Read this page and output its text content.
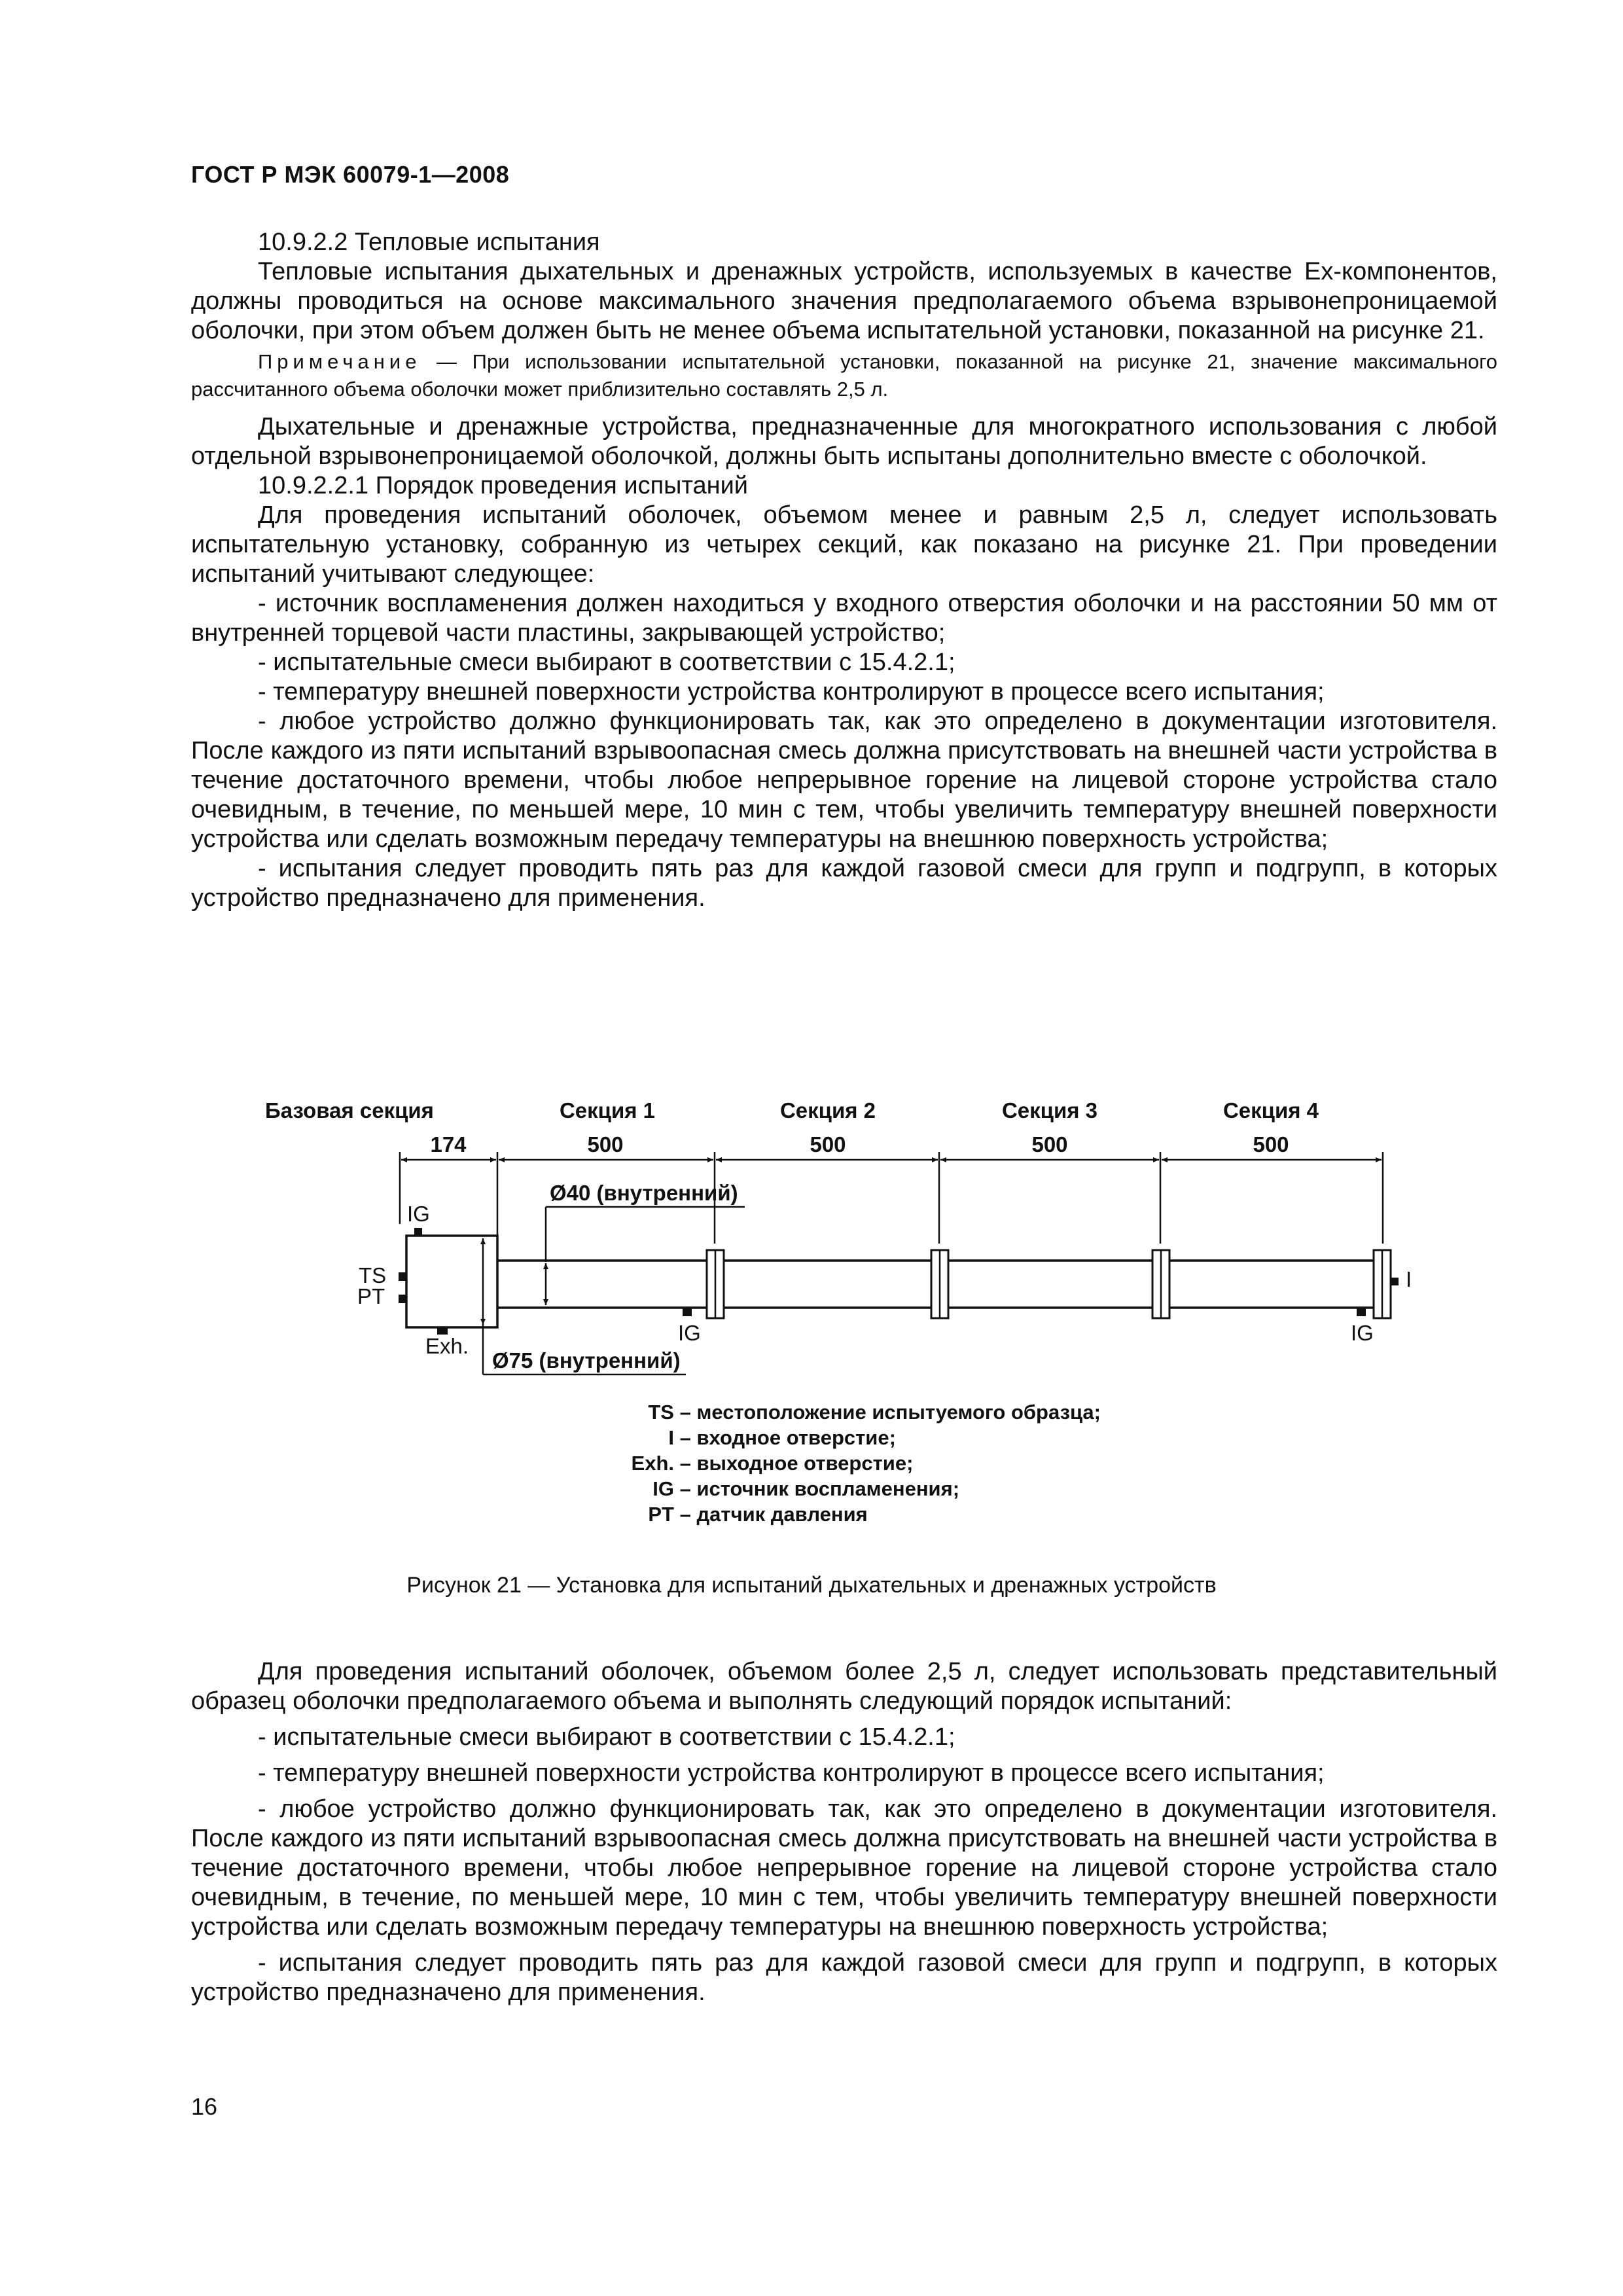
ГОСТ Р МЭК 60079-1—2008

10.9.2.2 Тепловые испытания

Тепловые испытания дыхательных и дренажных устройств, используемых в качестве Ex-компонентов, должны проводиться на основе максимального значения предполагаемого объема взрывонепроницаемой оболочки, при этом объем должен быть не менее объема испытательной установки, показанной на рисунке 21.

Примечание — При использовании испытательной установки, показанной на рисунке 21, значение максимального рассчитанного объема оболочки может приблизительно составлять 2,5 л.

Дыхательные и дренажные устройства, предназначенные для многократного использования с любой отдельной взрывонепроницаемой оболочкой, должны быть испытаны дополнительно вместе с оболочкой.

10.9.2.2.1 Порядок проведения испытаний

Для проведения испытаний оболочек, объемом менее и равным 2,5 л, следует использовать испытательную установку, собранную из четырех секций, как показано на рисунке 21. При проведении испытаний учитывают следующее:

- источник воспламенения должен находиться у входного отверстия оболочки и на расстоянии 50 мм от внутренней торцевой части пластины, закрывающей устройство;

- испытательные смеси выбирают в соответствии с 15.4.2.1;

- температуру внешней поверхности устройства контролируют в процессе всего испытания;

- любое устройство должно функционировать так, как это определено в документации изготовителя. После каждого из пяти испытаний взрывоопасная смесь должна присутствовать на внешней части устройства в течение достаточного времени, чтобы любое непрерывное горение на лицевой стороне устройства стало очевидным, в течение, по меньшей мере, 10 мин с тем, чтобы увеличить температуру внешней поверхности устройства или сделать возможным передачу температуры на внешнюю поверхность устройства;

- испытания следует проводить пять раз для каждой газовой смеси для групп и подгрупп, в которых устройство предназначено для применения.

Базовая секция	Секция 1	Секция 2	Секция 3	Секция 4
174	500	500	500	500
Ø40 (внутренний)
IG
TS
PT
Exh.
IG	IG
I
Ø75 (внутренний)
TS – местоположение испытуемого образца;
I – входное отверстие;
Exh. – выходное отверстие;
IG – источник воспламенения;
PT – датчик давления
Рисунок 21 — Установка для испытаний дыхательных и дренажных устройств

Для проведения испытаний оболочек, объемом более 2,5 л, следует использовать представительный образец оболочки предполагаемого объема и выполнять следующий порядок испытаний:

- испытательные смеси выбирают в соответствии с 15.4.2.1;

- температуру внешней поверхности устройства контролируют в процессе всего испытания;

- любое устройство должно функционировать так, как это определено в документации изготовителя. После каждого из пяти испытаний взрывоопасная смесь должна присутствовать на внешней части устройства в течение достаточного времени, чтобы любое непрерывное горение на лицевой стороне устройства стало очевидным, в течение, по меньшей мере, 10 мин с тем, чтобы увеличить температуру внешней поверхности устройства или сделать возможным передачу температуры на внешнюю поверхность устройства;

- испытания следует проводить пять раз для каждой газовой смеси для групп и подгрупп, в которых устройство предназначено для применения.

16
